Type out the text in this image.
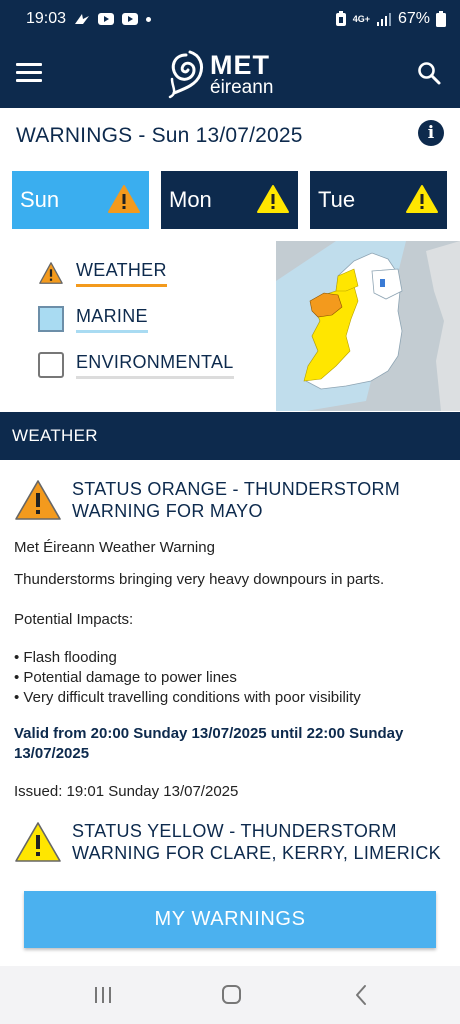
19:03	4G+ 67%
MET
éireann
WARNINGS - Sun 13/07/2025	i
Sun	Mon	Tue
WEATHER
MARINE
ENVIRONMENTAL
WEATHER
STATUS ORANGE - THUNDERSTORM
WARNING FOR MAYO
Met Éireann Weather Warning
Thunderstorms bringing very heavy downpours in parts.
Potential Impacts:
• Flash flooding
• Potential damage to power lines
• Very difficult travelling conditions with poor visibility
Valid from 20:00 Sunday 13/07/2025 until 22:00 Sunday
13/07/2025
Issued: 19:01 Sunday 13/07/2025
STATUS YELLOW - THUNDERSTORM
WARNING FOR CLARE, KERRY, LIMERICK
MY WARNINGS
